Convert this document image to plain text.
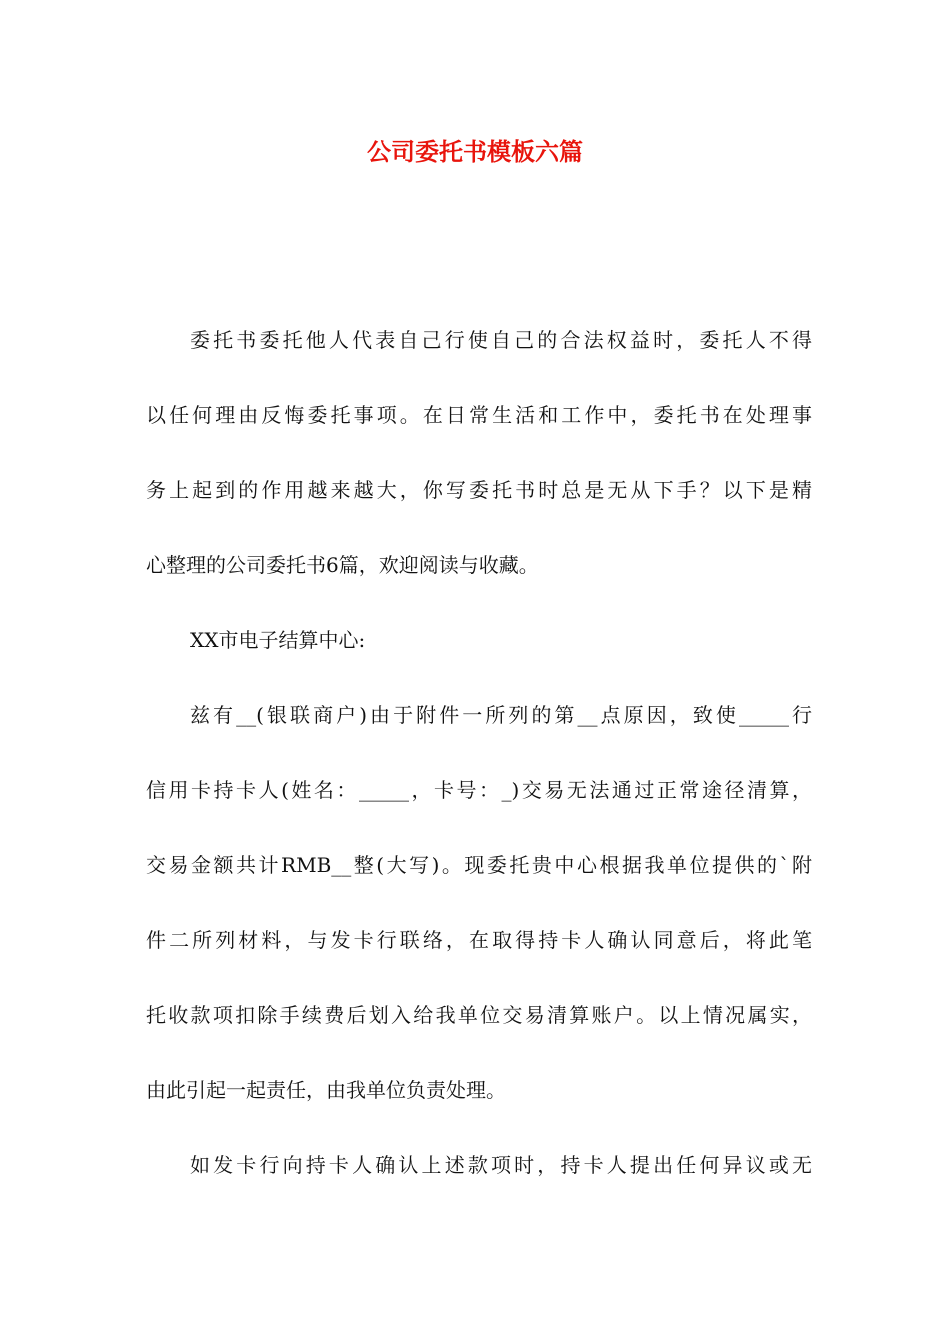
公司委托书模板六篇
委托书委托他人代表自己行使自己的合法权益时，委托人不得
以任何理由反悔委托事项。在日常生活和工作中，委托书在处理事
务上起到的作用越来越大，你写委托书时总是无从下手？以下是精
心整理的公司委托书6篇，欢迎阅读与收藏。
XX市电子结算中心:
兹有__(银联商户)由于附件一所列的第__点原因，致使_____行
信用卡持卡人(姓名：_____，卡号：_)交易无法通过正常途径清算，
交易金额共计RMB__整(大写)。现委托贵中心根据我单位提供的`附
件二所列材料，与发卡行联络，在取得持卡人确认同意后，将此笔
托收款项扣除手续费后划入给我单位交易清算账户。以上情况属实，
由此引起一起责任，由我单位负责处理。
如发卡行向持卡人确认上述款项时，持卡人提出任何异议或无
